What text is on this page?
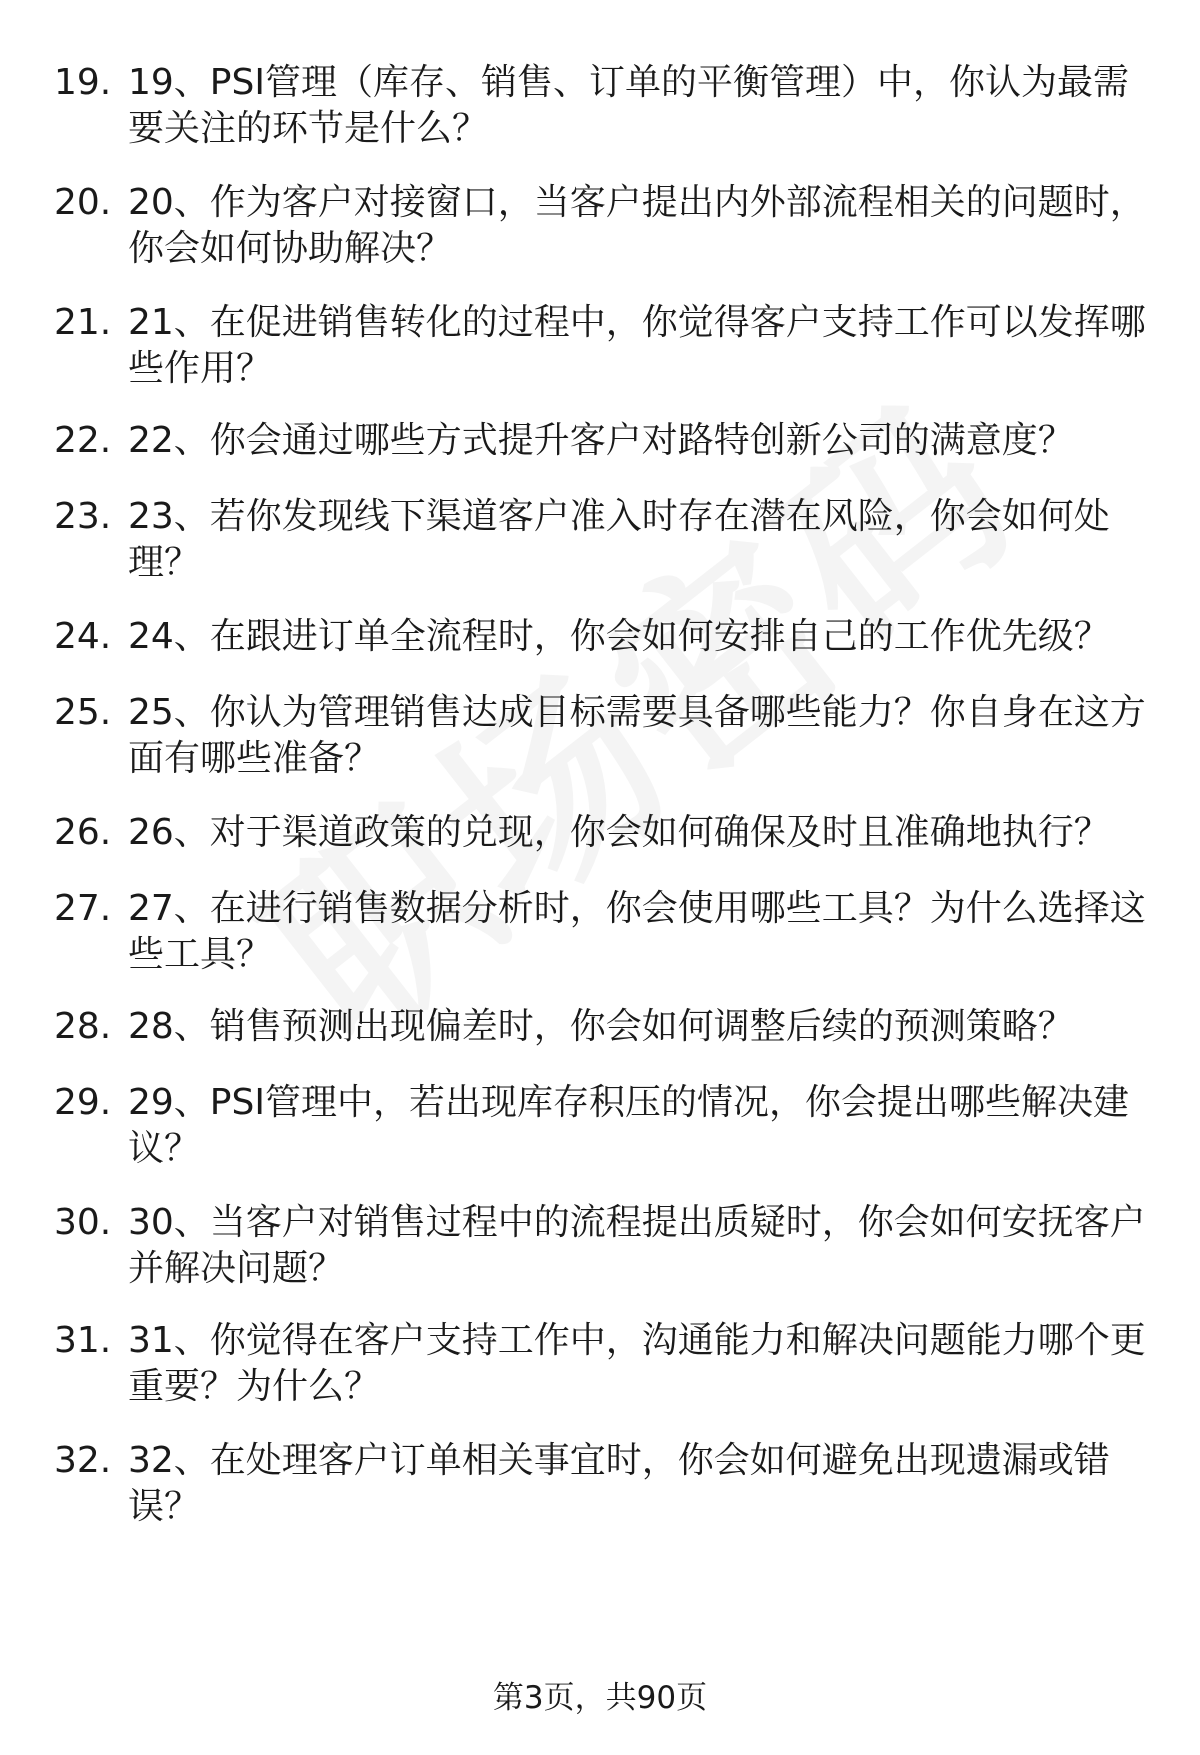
19. 19、PSI管理（库存、销售、订单的平衡管理）中，你认为最需要关注的环节是什么？
20. 20、作为客户对接窗口，当客户提出内外部流程相关的问题时，你会如何协助解决？
21. 21、在促进销售转化的过程中，你觉得客户支持工作可以发挥哪些作用？
22. 22、你会通过哪些方式提升客户对路特创新公司的满意度？
23. 23、若你发现线下渠道客户准入时存在潜在风险，你会如何处理？
24. 24、在跟进订单全流程时，你会如何安排自己的工作优先级？
25. 25、你认为管理销售达成目标需要具备哪些能力？你自身在这方面有哪些准备？
26. 26、对于渠道政策的兑现，你会如何确保及时且准确地执行？
27. 27、在进行销售数据分析时，你会使用哪些工具？为什么选择这些工具？
28. 28、销售预测出现偏差时，你会如何调整后续的预测策略？
29. 29、PSI管理中，若出现库存积压的情况，你会提出哪些解决建议？
30. 30、当客户对销售过程中的流程提出质疑时，你会如何安抚客户并解决问题？
31. 31、你觉得在客户支持工作中，沟通能力和解决问题能力哪个更重要？为什么？
32. 32、在处理客户订单相关事宜时，你会如何避免出现遗漏或错误？
第3页，共90页
